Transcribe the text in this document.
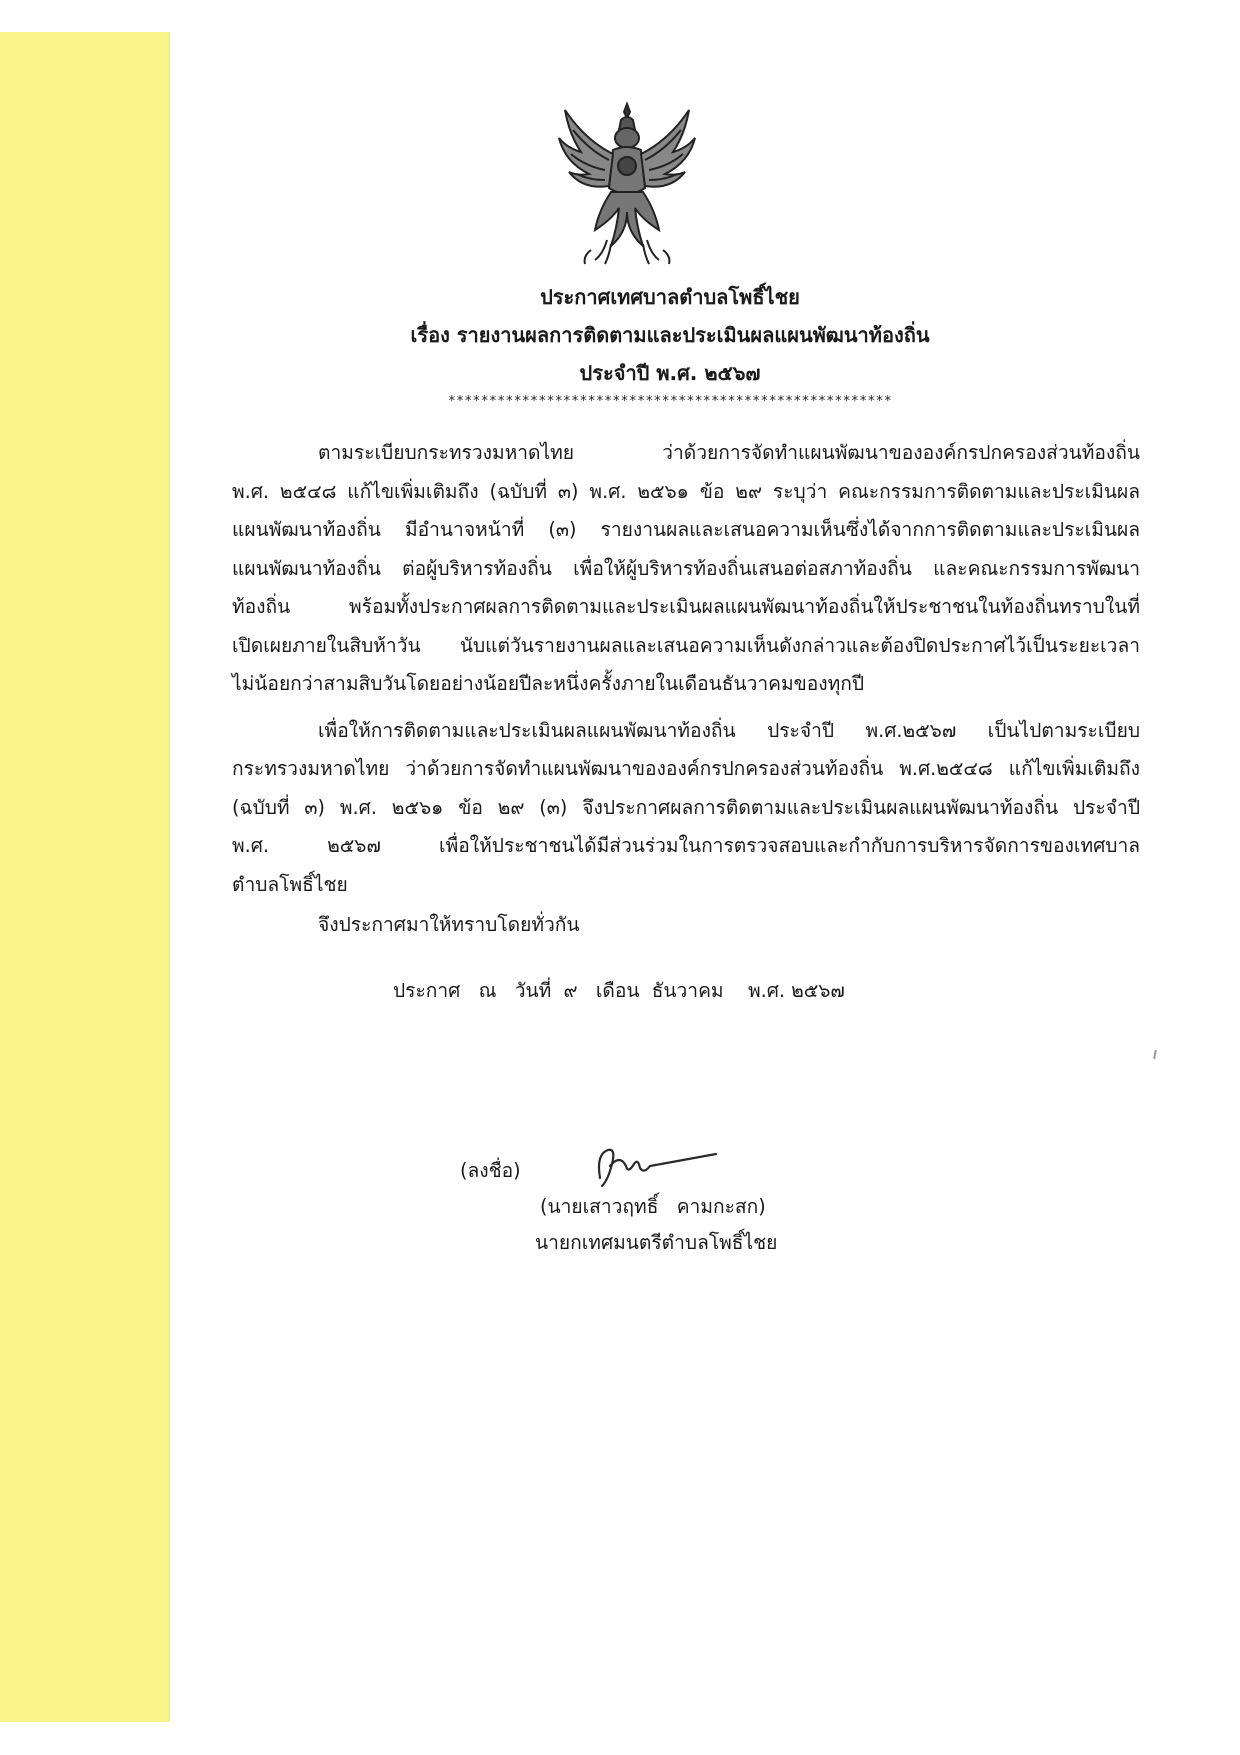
ประกาศเทศบาลตำบลโพธิ์ไชย
เรื่อง รายงานผลการติดตามและประเมินผลแผนพัฒนาท้องถิ่น
ประจำปี พ.ศ. ๒๕๖๗
******************************************************
ตามระเบียบกระทรวงมหาดไทย ว่าด้วยการจัดทำแผนพัฒนาขององค์กรปกครองส่วนท้องถิ่น
พ.ศ. ๒๕๔๘ แก้ไขเพิ่มเติมถึง (ฉบับที่ ๓) พ.ศ. ๒๕๖๑ ข้อ ๒๙ ระบุว่า คณะกรรมการติดตามและประเมินผล
แผนพัฒนาท้องถิ่น มีอำนาจหน้าที่ (๓) รายงานผลและเสนอความเห็นซึ่งได้จากการติดตามและประเมินผล
แผนพัฒนาท้องถิ่น ต่อผู้บริหารท้องถิ่น เพื่อให้ผู้บริหารท้องถิ่นเสนอต่อสภาท้องถิ่น และคณะกรรมการพัฒนา
ท้องถิ่น พร้อมทั้งประกาศผลการติดตามและประเมินผลแผนพัฒนาท้องถิ่นให้ประชาชนในท้องถิ่นทราบในที่
เปิดเผยภายในสิบห้าวัน นับแต่วันรายงานผลและเสนอความเห็นดังกล่าวและต้องปิดประกาศไว้เป็นระยะเวลา
ไม่น้อยกว่าสามสิบวันโดยอย่างน้อยปีละหนึ่งครั้งภายในเดือนธันวาคมของทุกปี
เพื่อให้การติดตามและประเมินผลแผนพัฒนาท้องถิ่น ประจำปี พ.ศ.๒๕๖๗ เป็นไปตามระเบียบ
กระทรวงมหาดไทย ว่าด้วยการจัดทำแผนพัฒนาขององค์กรปกครองส่วนท้องถิ่น พ.ศ.๒๕๔๘ แก้ไขเพิ่มเติมถึง
(ฉบับที่ ๓) พ.ศ. ๒๕๖๑ ข้อ ๒๙ (๓) จึงประกาศผลการติดตามและประเมินผลแผนพัฒนาท้องถิ่น ประจำปี
พ.ศ. ๒๕๖๗ เพื่อให้ประชาชนได้มีส่วนร่วมในการตรวจสอบและกำกับการบริหารจัดการของเทศบาล
ตำบลโพธิ์ไชย
จึงประกาศมาให้ทราบโดยทั่วกัน
ประกาศ   ณ   วันที่  ๙   เดือน  ธันวาคม    พ.ศ. ๒๕๖๗
(ลงชื่อ)
(นายเสาวฤทธิ์   คามกะสก)
นายกเทศมนตรีตำบลโพธิ์ไชย
